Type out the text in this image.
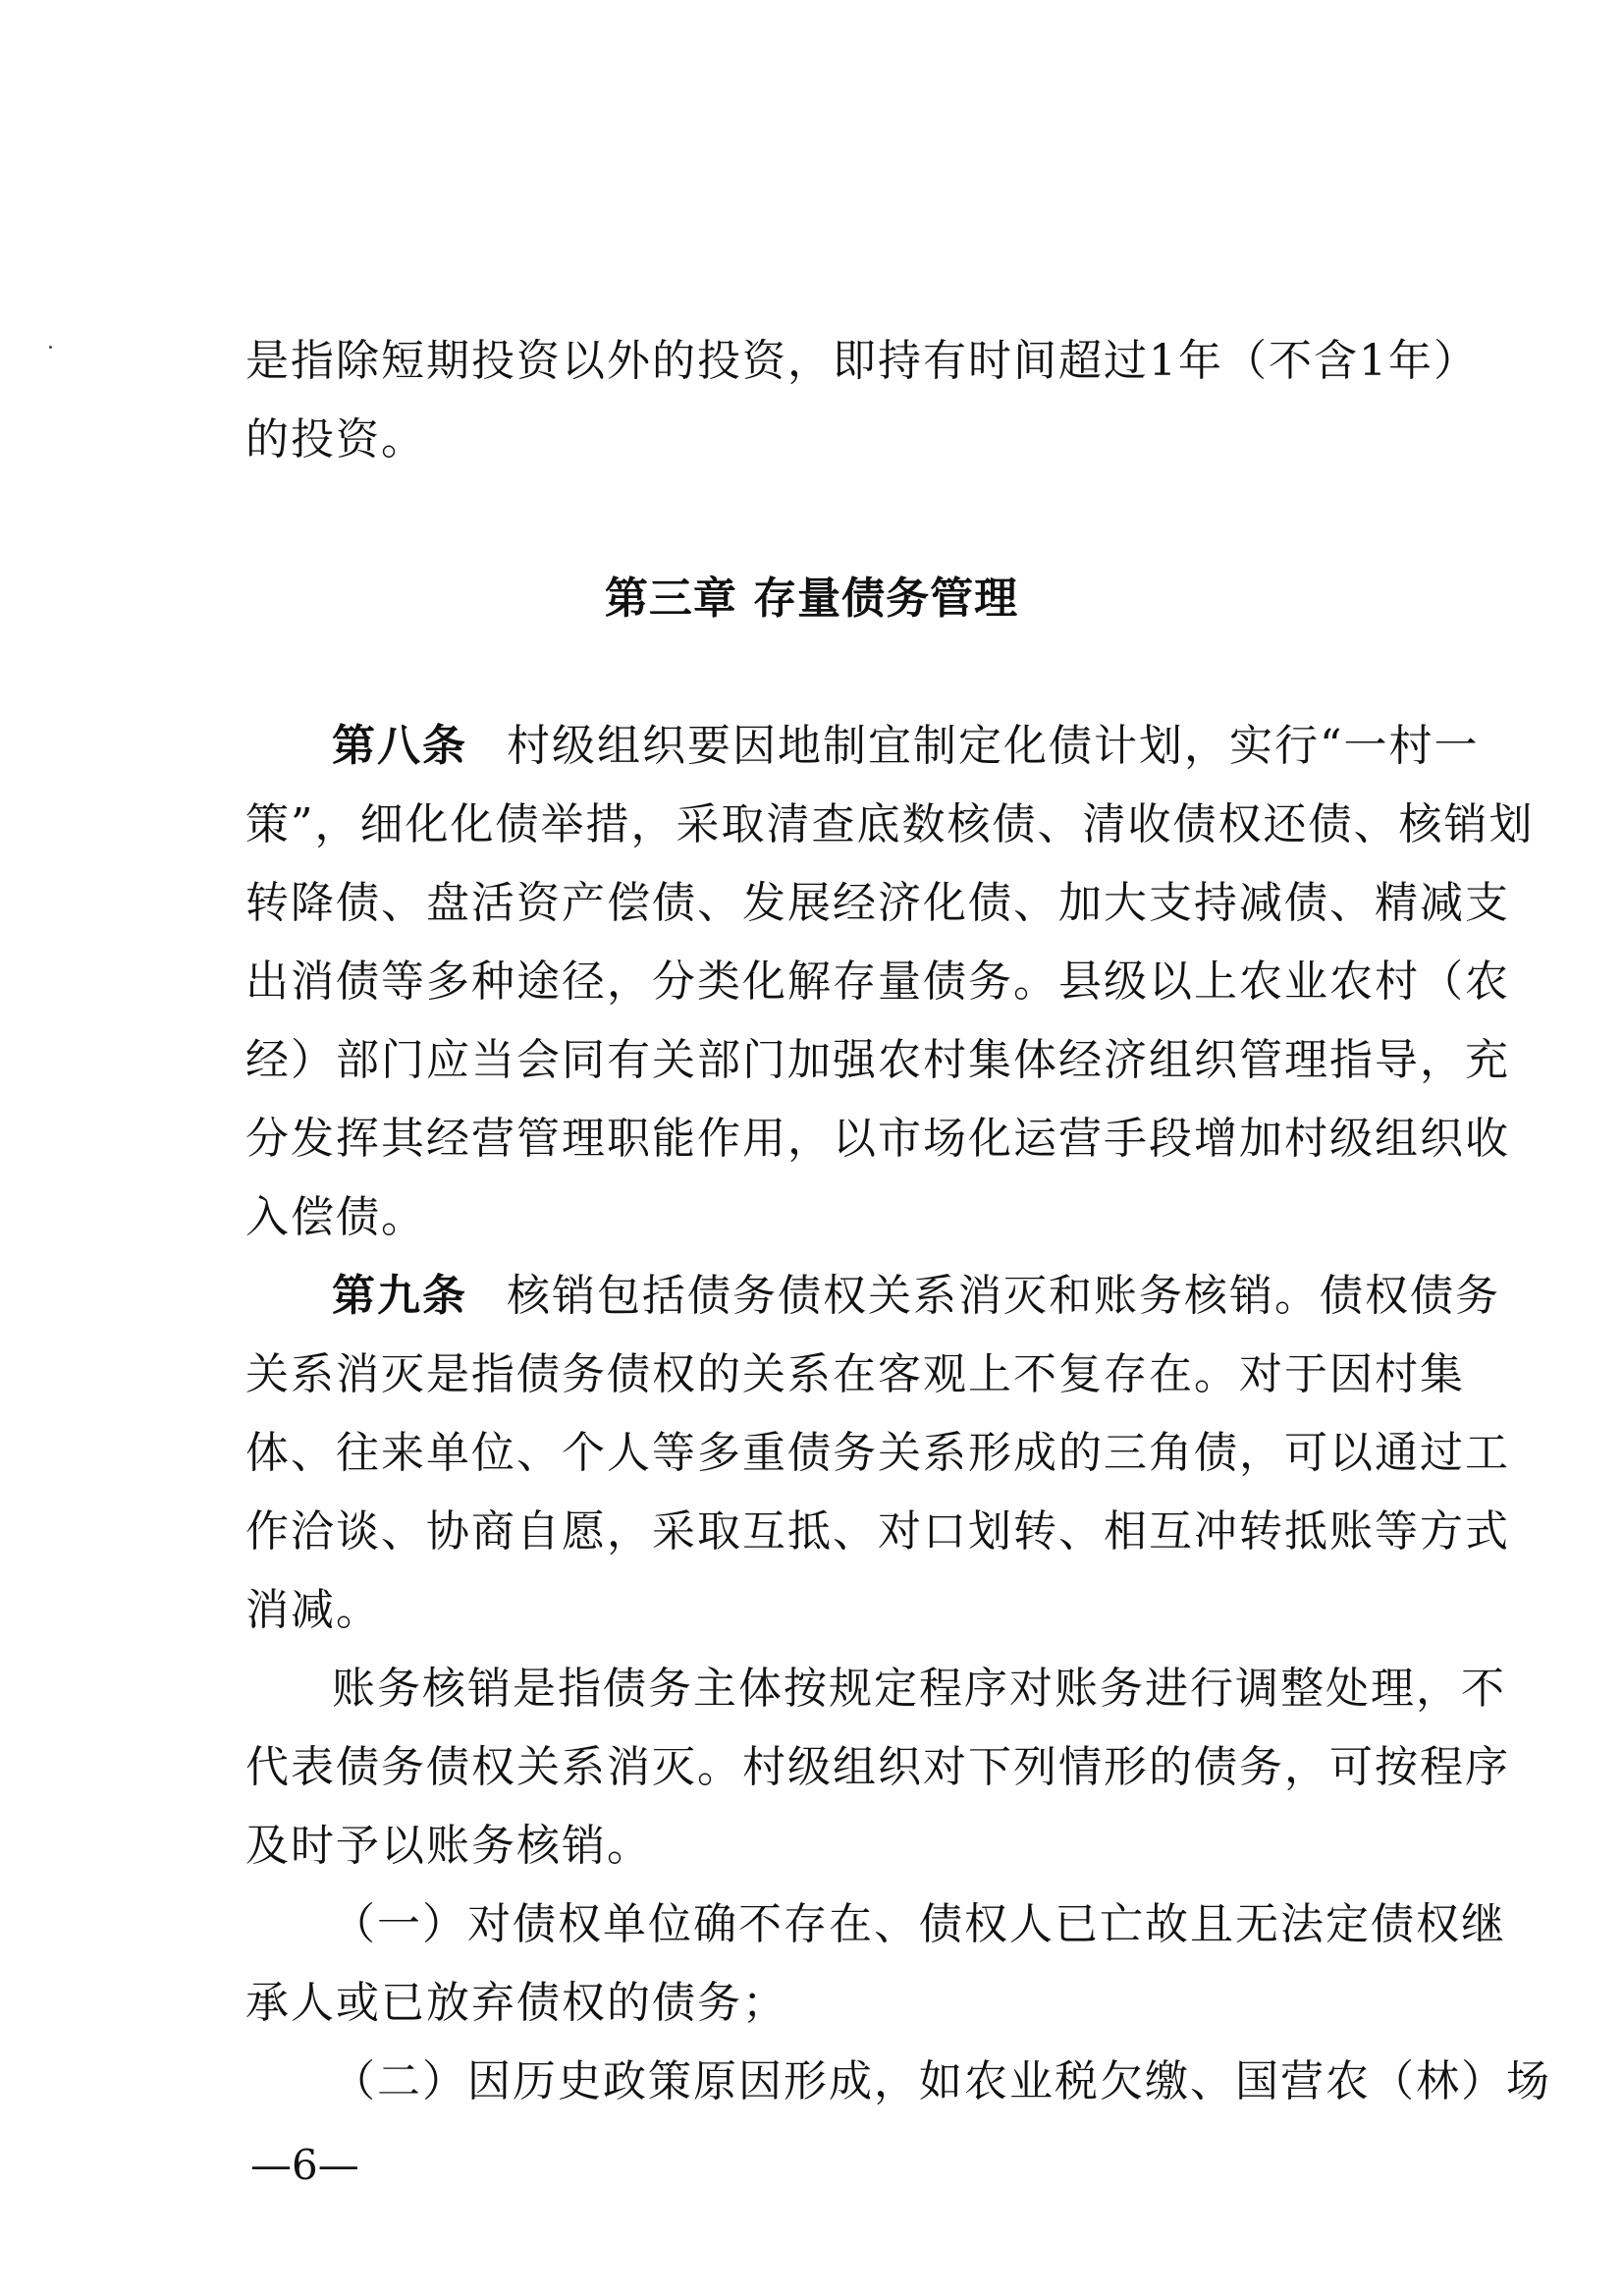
是指除短期投资以外的投资，即持有时间超过1年（不含1年）
的投资。
第八条 村级组织要因地制宜制定化债计划，实行“一村一
策”，细化化债举措，采取清查底数核债、清收债权还债、核销划
转降债、盘活资产偿债、发展经济化债、加大支持减债、精减支
出消债等多种途径，分类化解存量债务。县级以上农业农村（农
经）部门应当会同有关部门加强农村集体经济组织管理指导，充
分发挥其经营管理职能作用，以市场化运营手段增加村级组织收
入偿债。
第九条 核销包括债务债权关系消灭和账务核销。债权债务
关系消灭是指债务债权的关系在客观上不复存在。对于因村集
体、往来单位、个人等多重债务关系形成的三角债，可以通过工
作洽谈、协商自愿，采取互抵、对口划转、相互冲转抵账等方式
消减。
账务核销是指债务主体按规定程序对账务进行调整处理，不
代表债务债权关系消灭。村级组织对下列情形的债务，可按程序
及时予以账务核销。
（一）对债权单位确不存在、债权人已亡故且无法定债权继
承人或已放弃债权的债务；
（二）因历史政策原因形成，如农业税欠缴、国营农（林）场
第三章 存量债务管理
—6—
